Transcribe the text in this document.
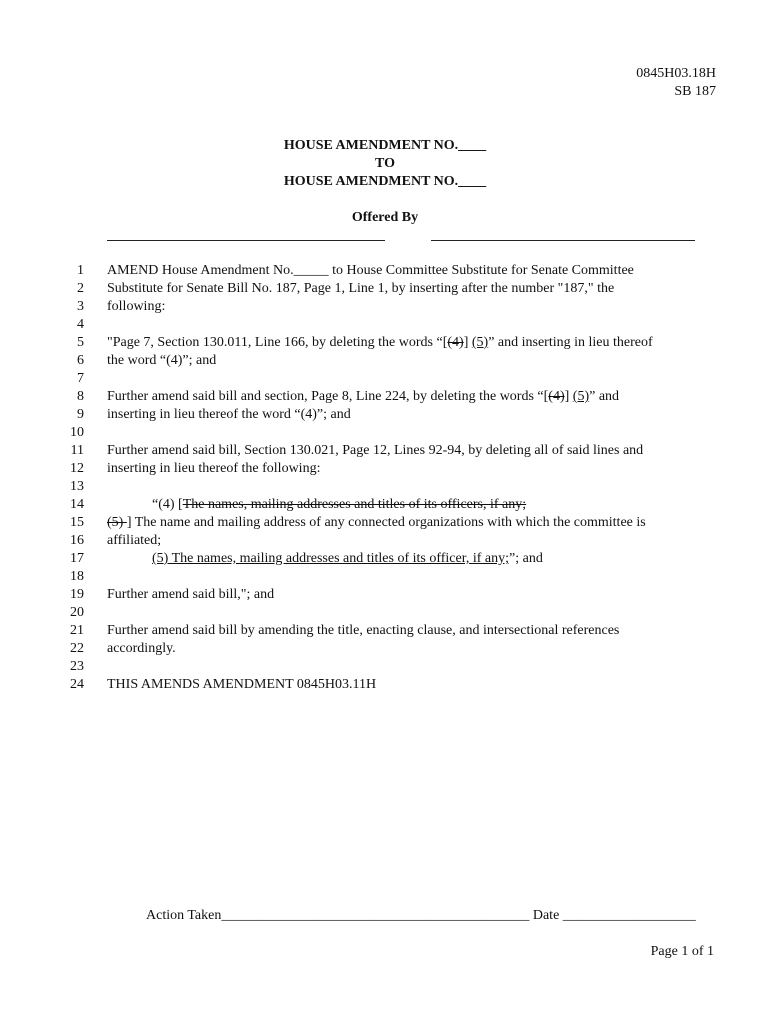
0845H03.18H
SB 187
HOUSE AMENDMENT NO.____
TO
HOUSE AMENDMENT NO.____
Offered By
1
2
3
4
5
6
7
8
9
10
11
12
13
14
15
16
17
18
19
20
21
22
23
24
AMEND House Amendment No._____ to House Committee Substitute for Senate Committee
Substitute for Senate Bill No. 187, Page 1, Line 1, by inserting after the number "187," the
following:
"Page 7, Section 130.011, Line 166, by deleting the words “[(4)] (5)” and inserting in lieu thereof
the word “(4)”; and
Further amend said bill and section, Page 8, Line 224, by deleting the words “[(4)] (5)” and
inserting in lieu thereof the word “(4)”; and
Further amend said bill, Section 130.021, Page 12, Lines 92-94, by deleting all of said lines and
inserting in lieu thereof the following:
“(4) [The names, mailing addresses and titles of its officers, if any;
(5) ] The name and mailing address of any connected organizations with which the committee is
affiliated;
(5) The names, mailing addresses and titles of its officer, if any;”; and
Further amend said bill,"; and
Further amend said bill by amending the title, enacting clause, and intersectional references
accordingly.
THIS AMENDS AMENDMENT 0845H03.11H
Action Taken____________________________________________ Date ___________________
Page 1 of 1
